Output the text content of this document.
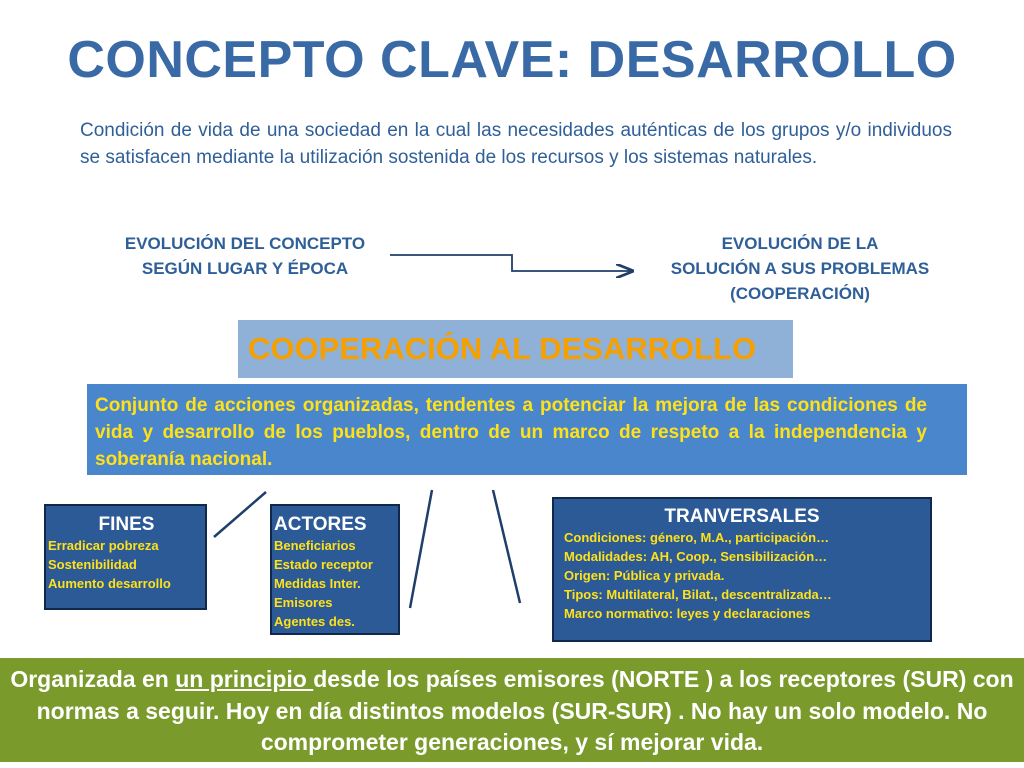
CONCEPTO CLAVE: DESARROLLO
Condición de vida de una sociedad en la cual las necesidades auténticas de los grupos y/o individuos se satisfacen mediante la utilización sostenida de los recursos y los sistemas naturales.
EVOLUCIÓN DEL CONCEPTO
SEGÚN LUGAR Y ÉPOCA
EVOLUCIÓN DE LA
SOLUCIÓN A SUS PROBLEMAS
(COOPERACIÓN)
COOPERACIÓN AL DESARROLLO
Conjunto de acciones organizadas, tendentes a potenciar la mejora de las condiciones de vida y desarrollo de los pueblos, dentro de un marco de respeto a la independencia y soberanía nacional.
FINES
Erradicar pobreza
Sostenibilidad
Aumento desarrollo
ACTORES
Beneficiarios
Estado receptor
Medidas Inter.
Emisores
Agentes des.
TRANVERSALES
Condiciones: género, M.A., participación…
Modalidades: AH, Coop., Sensibilización…
Origen: Pública y privada.
Tipos: Multilateral, Bilat., descentralizada…
Marco normativo: leyes y declaraciones
Organizada en un principio desde los países emisores (NORTE ) a los receptores (SUR) con normas a seguir. Hoy en día distintos modelos (SUR-SUR) . No hay un solo modelo. No comprometer generaciones, y sí mejorar vida.
